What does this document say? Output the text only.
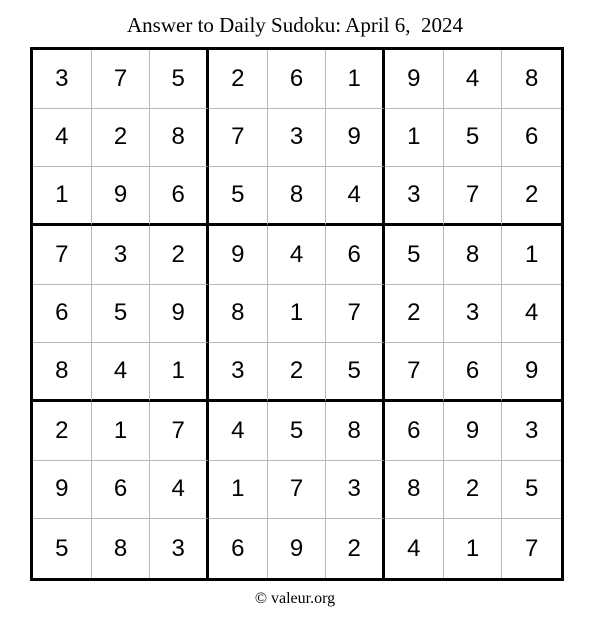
Answer to Daily Sudoku: April 6,  2024
3	7	5	2	6	1	9	4	8
4	2	8	7	3	9	1	5	6
1	9	6	5	8	4	3	7	2
7	3	2	9	4	6	5	8	1
6	5	9	8	1	7	2	3	4
8	4	1	3	2	5	7	6	9
2	1	7	4	5	8	6	9	3
9	6	4	1	7	3	8	2	5
5	8	3	6	9	2	4	1	7
© valeur.org
